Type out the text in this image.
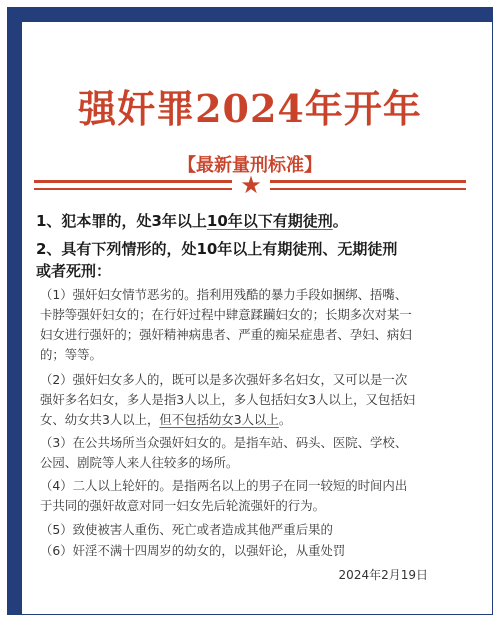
强奸罪2024年开年
【最新量刑标准】
★
1、犯本罪的，处3年以上10年以下有期徒刑。
2、具有下列情形的，处10年以上有期徒刑、无期徒刑
或者死刑：
（1）强奸妇女情节恶劣的。指利用残酷的暴力手段如捆绑、捂嘴、
卡脖等强奸妇女的；在行奸过程中肆意蹂躏妇女的；长期多次对某一
妇女进行强奸的；强奸精神病患者、严重的痴呆症患者、孕妇、病妇
的；等等。
（2）强奸妇女多人的，既可以是多次强奸多名妇女，又可以是一次
强奸多名妇女，多人是指3人以上，多人包括妇女3人以上，又包括妇
女、幼女共3人以上，但不包括幼女3人以上。
（3）在公共场所当众强奸妇女的。是指车站、码头、医院、学校、
公园、剧院等人来人往较多的场所。
（4）二人以上轮奸的。是指两名以上的男子在同一较短的时间内出
于共同的强奸故意对同一妇女先后轮流强奸的行为。
（5）致使被害人重伤、死亡或者造成其他严重后果的
（6）奸淫不满十四周岁的幼女的，以强奸论，从重处罚
2024年2月19日
